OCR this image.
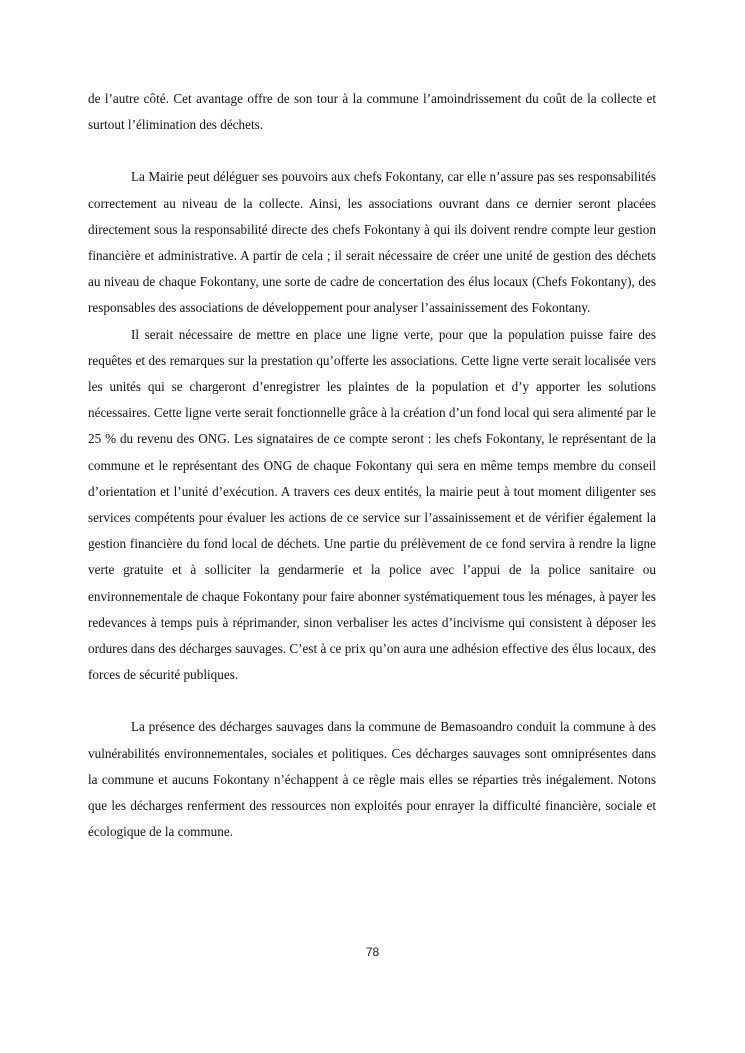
de l’autre côté. Cet avantage offre de son tour à la commune l’amoindrissement du coût de la collecte et surtout l’élimination des déchets.

La Mairie peut déléguer ses pouvoirs aux chefs Fokontany, car elle n’assure pas ses responsabilités correctement au niveau de la collecte. Ainsi, les associations ouvrant dans ce dernier seront placées directement sous la responsabilité directe des chefs Fokontany à qui ils doivent rendre compte leur gestion financière et administrative. A partir de cela ; il serait nécessaire de créer une unité de gestion des déchets au niveau de chaque Fokontany, une sorte de cadre de concertation des élus locaux (Chefs Fokontany), des responsables des associations de développement pour analyser l’assainissement des Fokontany.

Il serait nécessaire de mettre en place une ligne verte, pour que la population puisse faire des requêtes et des remarques sur la prestation qu’offerte les associations. Cette ligne verte serait localisée vers les unités qui se chargeront d’enregistrer les plaintes de la population et d’y apporter les solutions nécessaires. Cette ligne verte serait fonctionnelle grâce à la création d’un fond local qui sera alimenté par le 25 % du revenu des ONG. Les signataires de ce compte seront : les chefs Fokontany, le représentant de la commune et le représentant des ONG de chaque Fokontany qui sera en même temps membre du conseil d’orientation et l’unité d’exécution. A travers ces deux entités, la mairie peut à tout moment diligenter ses services compétents pour évaluer les actions de ce service sur l’assainissement et de vérifier également la gestion financière du fond local de déchets. Une partie du prélèvement de ce fond servira à rendre la ligne verte gratuite et à solliciter la gendarmerie et la police avec l’appui de la police sanitaire ou environnementale de chaque Fokontany pour faire abonner systématiquement tous les ménages, à payer les redevances à temps puis à réprimander, sinon verbaliser les actes d’incivisme qui consistent à déposer les ordures dans des décharges sauvages. C’est à ce prix qu’on aura une adhésion effective des élus locaux, des forces de sécurité publiques.

La présence des décharges sauvages dans la commune de Bemasoandro conduit la commune à des vulnérabilités environnementales, sociales et politiques. Ces décharges sauvages sont omniprésentes dans la commune et aucuns Fokontany n’échappent à ce règle mais elles se réparties très inégalement. Notons que les décharges renferment des ressources non exploités pour enrayer la difficulté financière, sociale et écologique de la commune.

78
